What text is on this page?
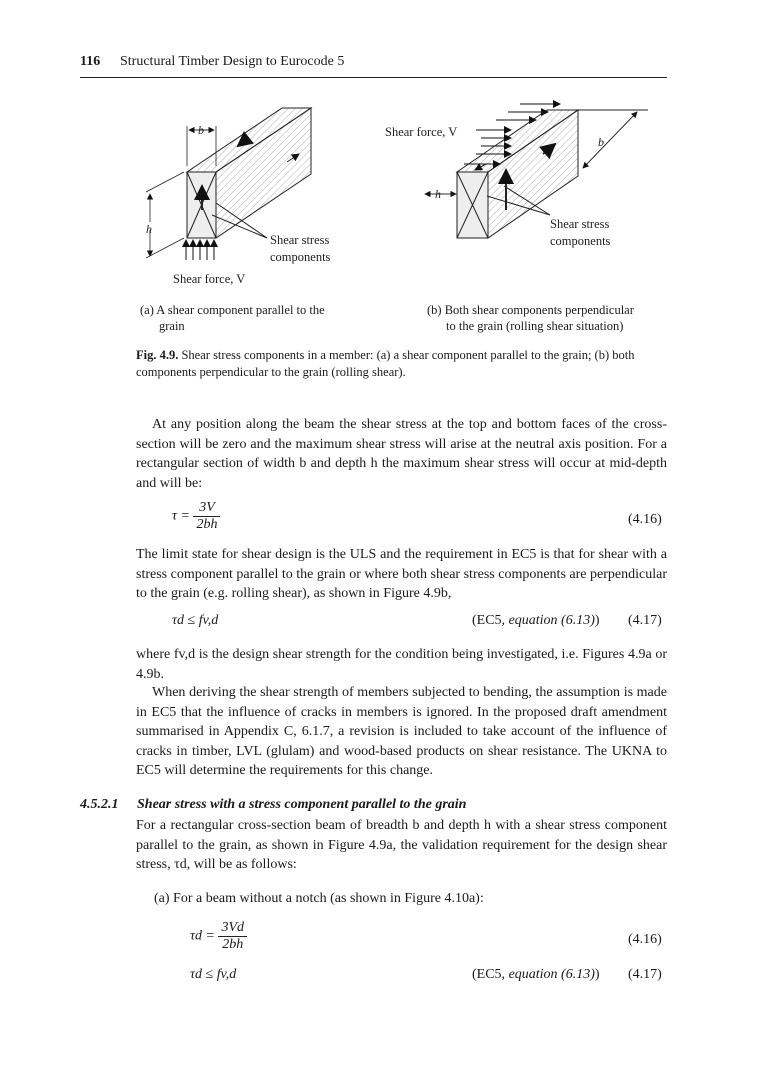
116 Structural Timber Design to Eurocode 5
b
h
Shear stress
components
Shear force, V
Shear force, V
b
h
Shear stress
components
(a) A shear component parallel to the
grain
(b) Both shear components perpendicular
to the grain (rolling shear situation)
Fig. 4.9. Shear stress components in a member: (a) a shear component parallel to the grain; (b) both components perpendicular to the grain (rolling shear).
At any position along the beam the shear stress at the top and bottom faces of the cross-section will be zero and the maximum shear stress will arise at the neutral axis position. For a rectangular section of width b and depth h the maximum shear stress will occur at mid-depth and will be:
$\tau = \frac{3V}{2bh}$	(4.16)
The limit state for shear design is the ULS and the requirement in EC5 is that for shear with a stress component parallel to the grain or where both shear stress components are perpendicular to the grain (e.g. rolling shear), as shown in Figure 4.9b,
τd ≤ fv,d	(EC5, equation (6.13)) (4.17)
where fv,d is the design shear strength for the condition being investigated, i.e. Figures 4.9a or 4.9b.
When deriving the shear strength of members subjected to bending, the assumption is made in EC5 that the influence of cracks in members is ignored. In the proposed draft amendment summarised in Appendix C, 6.1.7, a revision is included to take account of the influence of cracks in timber, LVL (glulam) and wood-based products on shear resistance. The UKNA to EC5 will determine the requirements for this change.
4.5.2.1 Shear stress with a stress component parallel to the grain
For a rectangular cross-section beam of breadth b and depth h with a shear stress component parallel to the grain, as shown in Figure 4.9a, the validation requirement for the design shear stress, τd, will be as follows:
(a) For a beam without a notch (as shown in Figure 4.10a):
$\tau d = \frac{3Vd}{2bh}$	(4.16)
τd ≤ fv,d	(EC5, equation (6.13)) (4.17)
